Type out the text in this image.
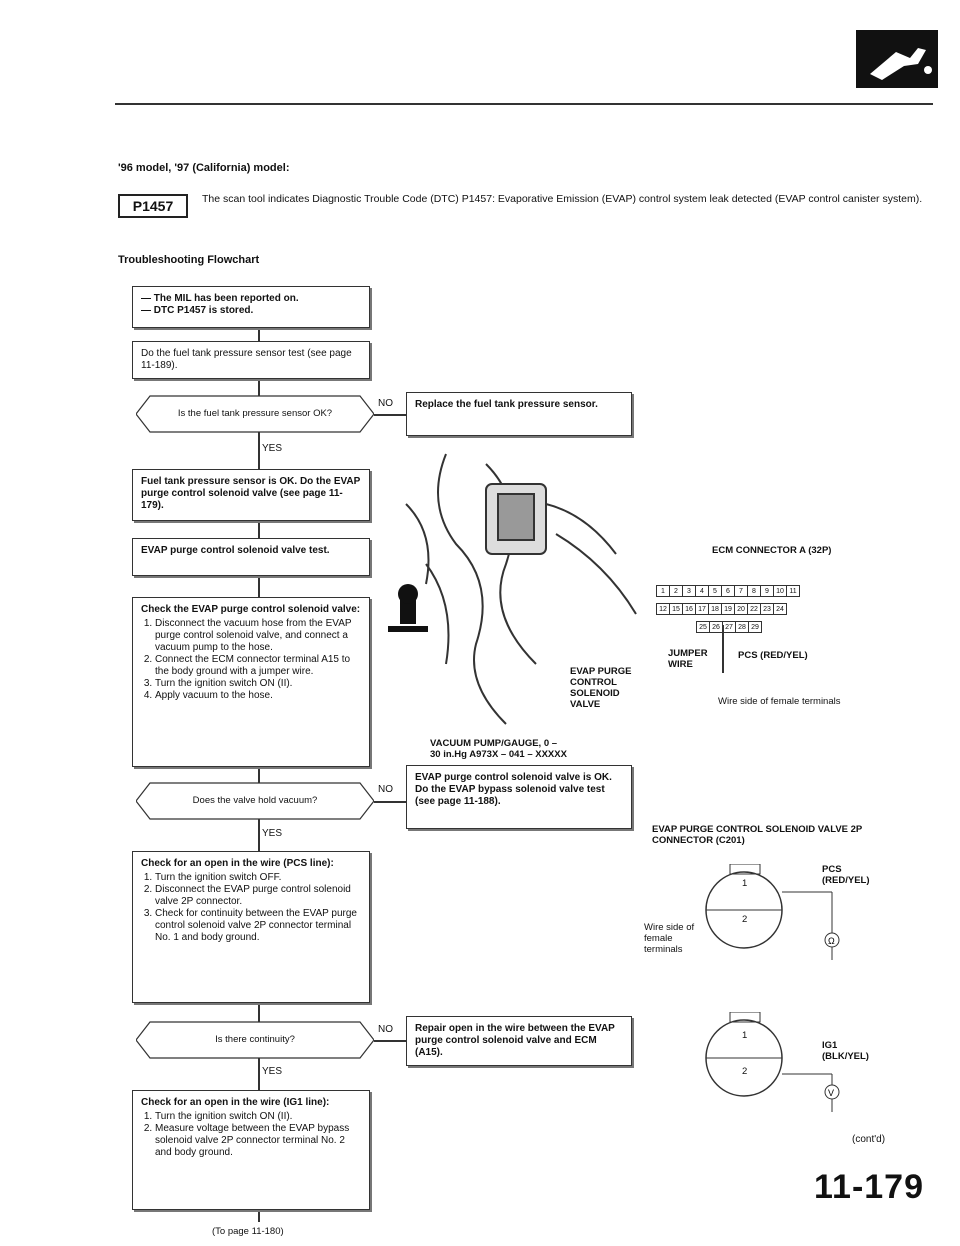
'96 model, '97 (California) model:
P1457	The scan tool indicates Diagnostic Trouble Code (DTC) P1457: Evaporative Emission (EVAP) control system leak detected (EVAP control canister system).
Troubleshooting Flowchart
— The MIL has been reported on.
— DTC P1457 is stored.
Do the fuel tank pressure sensor test (see page 11-189).
Is the fuel tank pressure sensor OK?
NO	Replace the fuel tank pressure sensor.
YES
Fuel tank pressure sensor is OK. Do the EVAP purge control solenoid valve (see page 11-179).
EVAP purge control solenoid valve test.
Check the EVAP purge control solenoid valve:
1. Disconnect the vacuum hose from the EVAP purge control solenoid valve, and connect a vacuum pump to the hose.
2. Connect the ECM connector terminal A15 to the body ground with a jumper wire.
3. Turn the ignition switch ON (II).
4. Apply vacuum to the hose.
Does the valve hold vacuum?
NO
EVAP purge control solenoid valve is OK. Do the EVAP bypass solenoid valve test (see page 11-188).
YES
Check for an open in the wire (PCS line):
1. Turn the ignition switch OFF.
2. Disconnect the EVAP purge control solenoid valve 2P connector.
3. Check for continuity between the EVAP purge control solenoid valve 2P connector terminal No. 1 and body ground.
Is there continuity?
NO	Repair open in the wire between the EVAP purge control solenoid valve and ECM (A15).
YES
Check for an open in the wire (IG1 line):
1. Turn the ignition switch ON (II).
2. Measure voltage between the EVAP bypass solenoid valve 2P connector terminal No. 2 and body ground.
(To page 11-180)
VACUUM PUMP/GAUGE, 0 – 30 in.Hg A973X – 041 – XXXXX
EVAP PURGE CONTROL SOLENOID VALVE
ECM CONNECTOR A (32P)
1 2 3 4 5 6 7 8 9 10 11
12 15 16 17 18 19 20 22 23 24
25 26 27 28 29
JUMPER WIRE
PCS (RED/YEL)
Wire side of female terminals
EVAP PURGE CONTROL SOLENOID VALVE 2P CONNECTOR (C201)
Ω
1
2
PCS (RED/YEL)
Wire side of female terminals
V
1
2
IG1 (BLK/YEL)
(cont'd)
11-179
